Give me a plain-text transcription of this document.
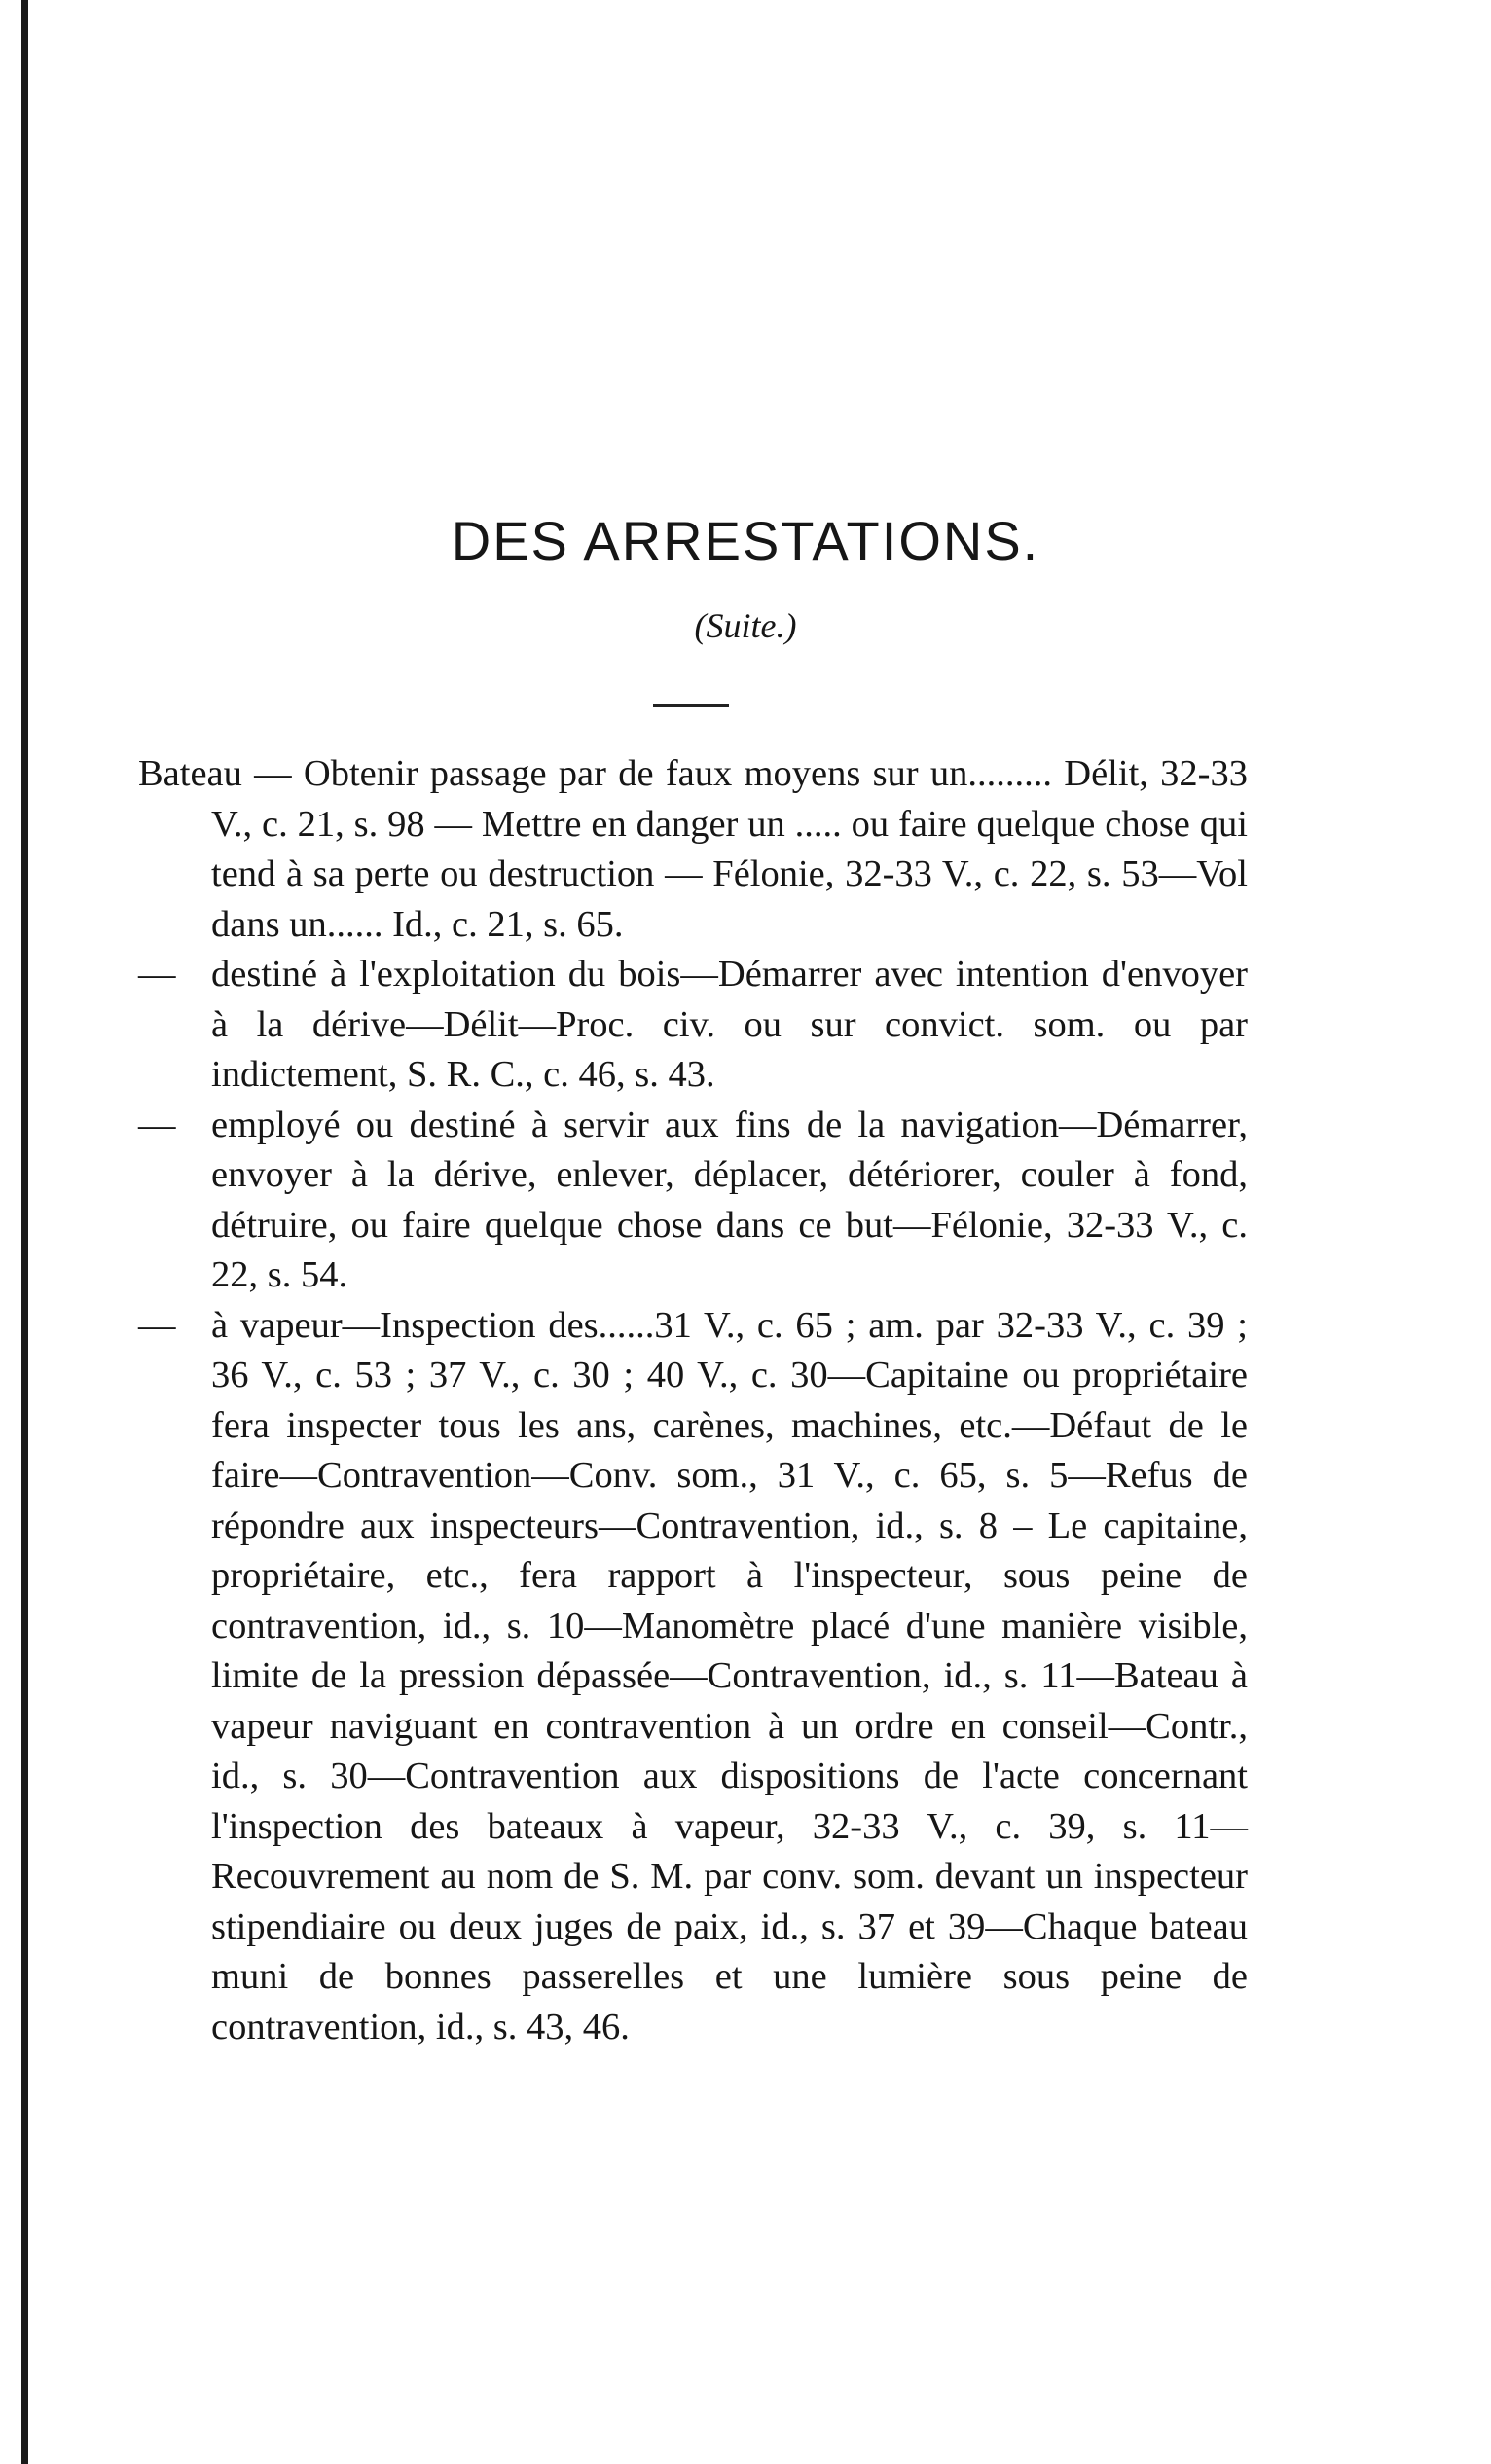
DES ARRESTATIONS.
(Suite.)
Bateau — Obtenir passage par de faux moyens sur un......... Délit, 32-33 V., c. 21, s. 98 — Mettre en danger un ..... ou faire quelque chose qui tend à sa perte ou destruction — Félonie, 32-33 V., c. 22, s. 53—Vol dans un...... Id., c. 21, s. 65.
— destiné à l'exploitation du bois—Démarrer avec intention d'envoyer à la dérive—Délit—Proc. civ. ou sur convict. som. ou par indictement, S. R. C., c. 46, s. 43.
— employé ou destiné à servir aux fins de la navigation—Démarrer, envoyer à la dérive, enlever, déplacer, détériorer, couler à fond, détruire, ou faire quelque chose dans ce but—Félonie, 32-33 V., c. 22, s. 54.
— à vapeur—Inspection des......31 V., c. 65 ; am. par 32-33 V., c. 39 ; 36 V., c. 53 ; 37 V., c. 30 ; 40 V., c. 30—Capitaine ou propriétaire fera inspecter tous les ans, carènes, machines, etc.—Défaut de le faire—Contravention—Conv. som., 31 V., c. 65, s. 5—Refus de répondre aux inspecteurs—Contravention, id., s. 8 – Le capitaine, propriétaire, etc., fera rapport à l'inspecteur, sous peine de contravention, id., s. 10—Manomètre placé d'une manière visible, limite de la pression dépassée—Contravention, id., s. 11—Bateau à vapeur naviguant en contravention à un ordre en conseil—Contr., id., s. 30—Contravention aux dispositions de l'acte concernant l'inspection des bateaux à vapeur, 32-33 V., c. 39, s. 11—Recouvrement au nom de S. M. par conv. som. devant un inspecteur stipendiaire ou deux juges de paix, id., s. 37 et 39—Chaque bateau muni de bonnes passerelles et une lumière sous peine de contravention, id., s. 43, 46.
